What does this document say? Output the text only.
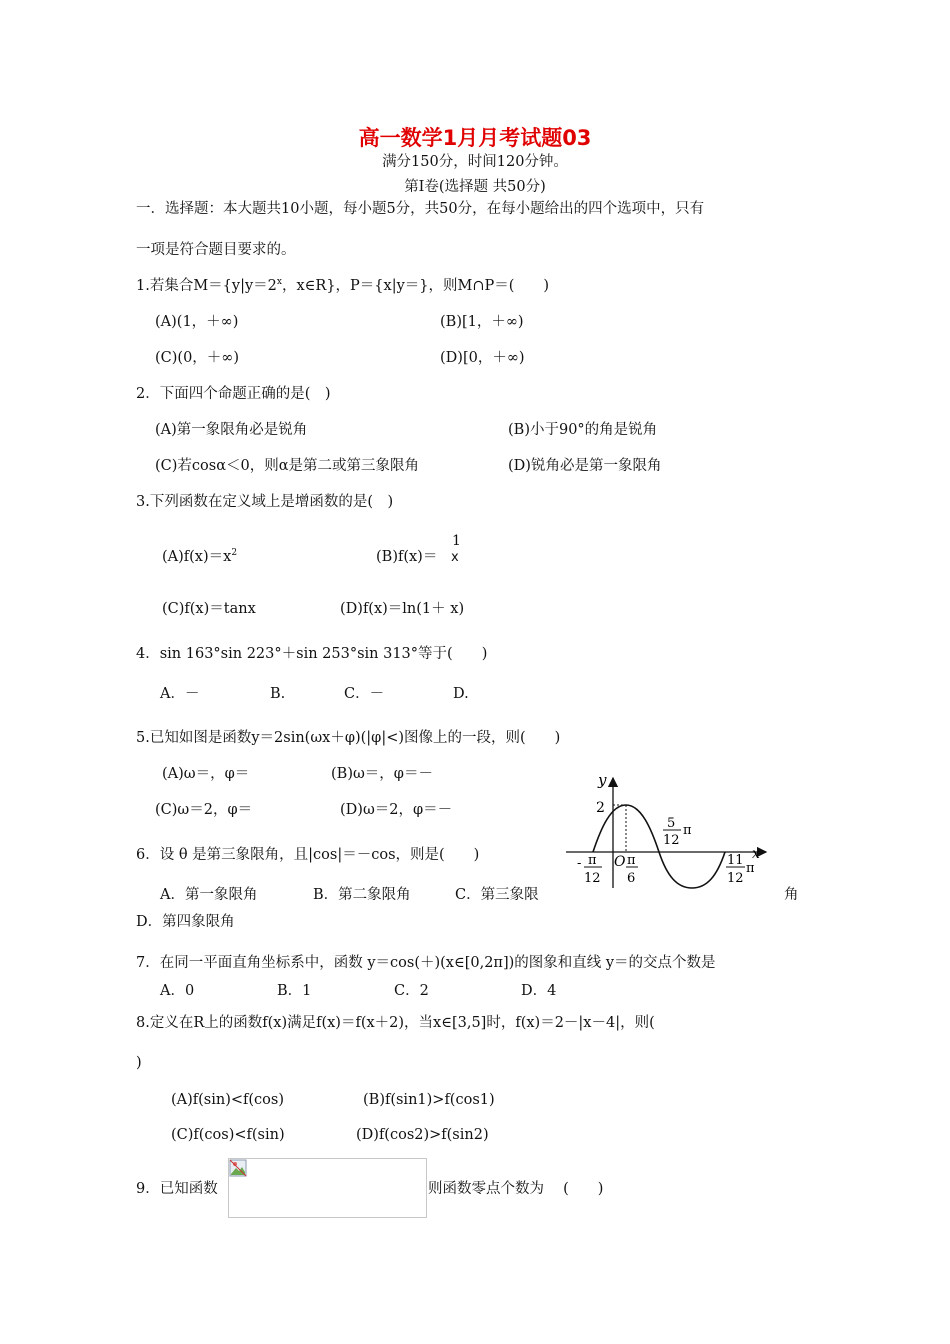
高一数学1月月考试题03
满分150分，时间120分钟。
第Ⅰ卷(选择题 共50分)
一．选择题：本大题共10小题，每小题5分，共50分，在每小题给出的四个选项中，只有
一项是符合题目要求的。
1.若集合$M=\{y|y=2^x$，x∈R}，P＝{x|y＝}，则M∩P＝(　　)
(A)(1，＋∞)	(B)[1，＋∞)
(C)(0，＋∞)	(D)[0，＋∞)
2．下面四个命题正确的是(　)
(A)第一象限角必是锐角	(B)小于90°的角是锐角
(C)若cosα＜0，则α是第二或第三象限角	(D)锐角必是第一象限角
3.下列函数在定义域上是增函数的是(　)
$(A)f(x)=x^2$	(B)f(x)＝
1
x
(C)f(x)＝tanx	(D)f(x)＝ln(1＋ x)
4．sin 163°sin 223°＋sin 253°sin 313°等于(　　)
A．－	B.	C．－	D.
5.已知如图是函数y＝2sin(ωx＋φ)(|φ|<)图像上的一段，则(　　)
(A)ω＝，φ＝	(B)ω＝，φ＝－
(C)ω＝2，φ＝	(D)ω＝2，φ＝－
y
x
2
O
- π
12
π
6
5
12
π
11
12
π
6．设 θ 是第三象限角，且|cos|＝－cos，则是(　　)
A．第一象限角	B．第二象限角	C．第三象限	角
D．第四象限角
7．在同一平面直角坐标系中，函数 y＝cos(＋)(x∈[0,2π])的图象和直线 y＝的交点个数是
A．0	B．1	C．2	D．4
8.定义在R上的函数f(x)满足f(x)＝f(x＋2)，当x∈[3,5]时，f(x)＝2－|x－4|，则(
)
(A)f(sin)<f(cos)	(B)f(sin1)>f(cos1)
(C)f(cos)<f(sin)	(D)f(cos2)>f(sin2)
9．已知函数	则函数零点个数为　 (　　)
